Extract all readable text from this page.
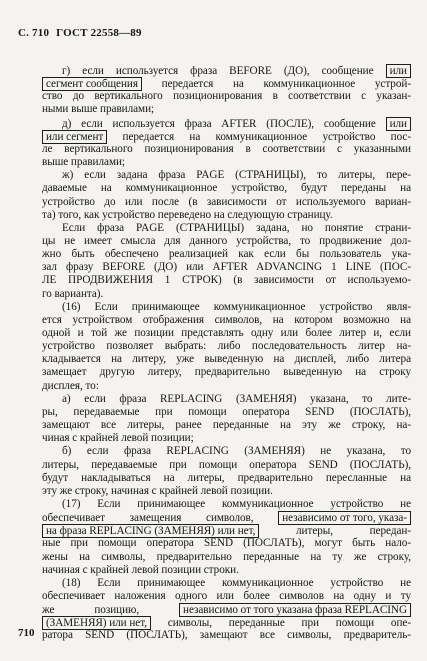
С. 710 ГОСТ 22558—89
г) если используется фраза BEFORE (ДО), сообщение или
сегмент сообщения передается на коммуникационное устрой-
ство до вертикального позиционирования в соответствии с указан-
ными выше правилами;
д) если используется фраза AFTER (ПОСЛЕ), сообщение или
или сегмент передается на коммуникационное устройство пос-
ле вертикального позиционирования в соответствии с указанными
выше правилами;
ж) если задана фраза PAGE (СТРАНИЦЫ), то литеры, пере-
даваемые на коммуникационное устройство, будут переданы на
устройство до или после (в зависимости от используемого вариан-
та) того, как устройство переведено на следующую страницу.
Если фраза PAGE (СТРАНИЦЫ) задана, но понятие страни-
цы не имеет смысла для данного устройства, то продвижение дол-
жно быть обеспечено реализацией как если бы пользователь ука-
зал фразу BEFORE (ДО) или AFTER ADVANCING 1 LINE (ПОС-
ЛЕ ПРОДВИЖЕНИЯ 1 СТРОК) (в зависимости от используемо-
го варианта).
(16) Если принимающее коммуникационное устройство явля-
ется устройством отображения символов, на котором возможно на
одной и той же позиции представлять одну или более литер и, если
устройство позволяет выбрать: либо последовательность литер на-
кладывается на литеру, уже выведенную на дисплей, либо литера
замещает другую литеру, предварительно выведенную на строку
дисплея, то:
а) если фраза REPLACING (ЗАМЕНЯЯ) указана, то лите-
ры, передаваемые при помощи оператора SEND (ПОСЛАТЬ),
замещают все литеры, ранее переданные на эту же строку, на-
чиная с крайней левой позиции;
б) если фраза REPLACING (ЗАМЕНЯЯ) не указана, то
литеры, передаваемые при помощи оператора SEND (ПОСЛАТЬ),
будут накладываться на литеры, предварительно пересланные на
эту же строку, начиная с крайней левой позиции.
(17) Если принимающее коммуникационное устройство не
обеспечивает замещения символов,	независимо от того, указа-
на фраза REPLACING (ЗАМЕНЯЯ) или нет,	литеры, передан-
ные при помощи оператора SEND (ПОСЛАТЬ), могут быть нало-
жены на символы, предварительно переданные на ту же строку,
начиная с крайней левой позиции строки.
(18) Если принимающее коммуникационное устройство не
обеспечивает наложения одного или более символов на одну и ту
же позицию,	независимо от того указана фраза REPLACING
(ЗАМЕНЯЯ) или нет, символы, переданные при помощи опе-
ратора SEND (ПОСЛАТЬ), замещают все символы, предваритель-
710
